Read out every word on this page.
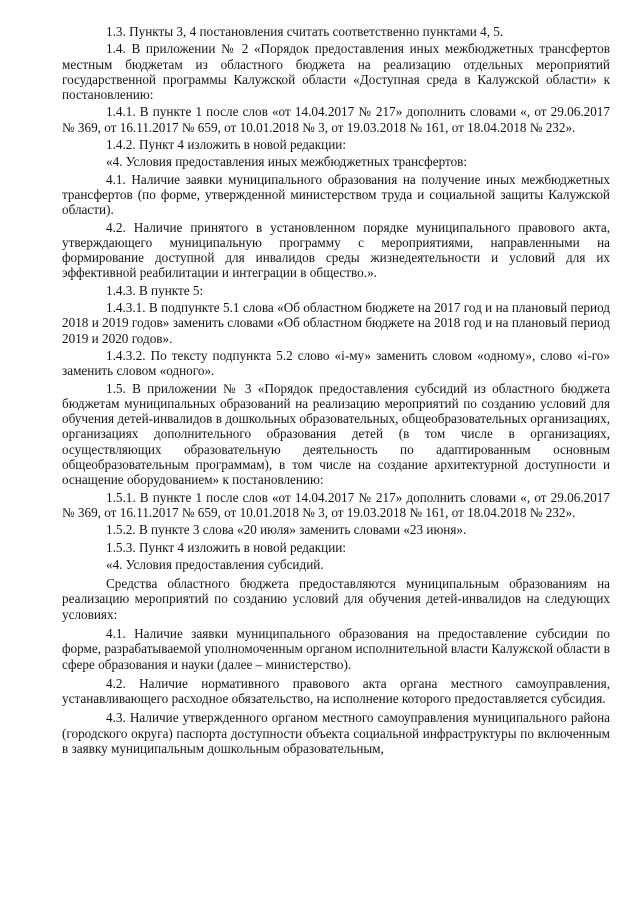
1.3. Пункты 3, 4 постановления считать соответственно пунктами 4, 5.

1.4. В приложении № 2 «Порядок предоставления иных межбюджетных трансфертов местным бюджетам из областного бюджета на реализацию отдельных мероприятий государственной программы Калужской области «Доступная среда в Калужской области» к постановлению:

1.4.1. В пункте 1 после слов «от 14.04.2017 № 217» дополнить словами «, от 29.06.2017 № 369, от 16.11.2017 № 659, от 10.01.2018 № 3, от 19.03.2018 № 161, от 18.04.2018 № 232».

1.4.2. Пункт 4 изложить в новой редакции:

«4. Условия предоставления иных межбюджетных трансфертов:

4.1. Наличие заявки муниципального образования на получение иных межбюджетных трансфертов (по форме, утвержденной министерством труда и социальной защиты Калужской области).

4.2. Наличие принятого в установленном порядке муниципального правового акта, утверждающего муниципальную программу с мероприятиями, направленными на формирование доступной для инвалидов среды жизнедеятельности и условий для их эффективной реабилитации и интеграции в общество.».

1.4.3. В пункте 5:

1.4.3.1. В подпункте 5.1 слова «Об областном бюджете на 2017 год и на плановый период 2018 и 2019 годов» заменить словами «Об областном бюджете на 2018 год и на плановый период 2019 и 2020 годов».

1.4.3.2. По тексту подпункта 5.2 слово «i-му» заменить словом «одному», слово «i-го» заменить словом «одного».

1.5. В приложении № 3 «Порядок предоставления субсидий из областного бюджета бюджетам муниципальных образований на реализацию мероприятий по созданию условий для обучения детей-инвалидов в дошкольных образовательных, общеобразовательных организациях, организациях дополнительного образования детей (в том числе в организациях, осуществляющих образовательную деятельность по адаптированным основным общеобразовательным программам), в том числе на создание архитектурной доступности и оснащение оборудованием» к постановлению:

1.5.1. В пункте 1 после слов «от 14.04.2017 № 217» дополнить словами «, от 29.06.2017 № 369, от 16.11.2017 № 659, от 10.01.2018 № 3, от 19.03.2018 № 161, от 18.04.2018 № 232».

1.5.2. В пункте 3 слова «20 июля» заменить словами «23 июня».

1.5.3. Пункт 4 изложить в новой редакции:

«4. Условия предоставления субсидий.

Средства областного бюджета предоставляются муниципальным образованиям на реализацию мероприятий по созданию условий для обучения детей-инвалидов на следующих условиях:

4.1. Наличие заявки муниципального образования на предоставление субсидии по форме, разрабатываемой уполномоченным органом исполнительной власти Калужской области в сфере образования и науки (далее – министерство).

4.2. Наличие нормативного правового акта органа местного самоуправления, устанавливающего расходное обязательство, на исполнение которого предоставляется субсидия.

4.3. Наличие утвержденного органом местного самоуправления муниципального района (городского округа) паспорта доступности объекта социальной инфраструктуры по включенным в заявку муниципальным дошкольным образовательным,
